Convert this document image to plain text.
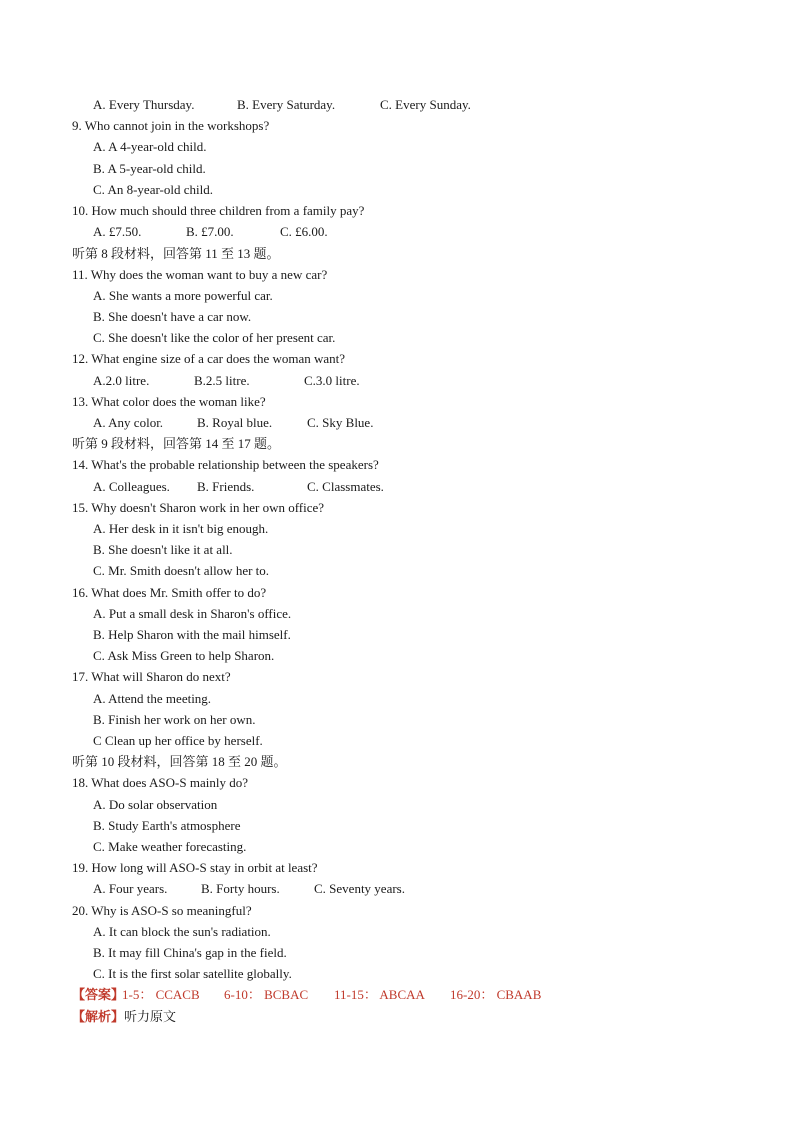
A. Every Thursday.	B. Every Saturday.	C. Every Sunday.
9. Who cannot join in the workshops?
A. A 4-year-old child.
B. A 5-year-old child.
C. An 8-year-old child.
10. How much should three children from a family pay?
A. £7.50.	B. £7.00.	C. £6.00.
听第 8 段材料，回答第 11 至 13 题。
11. Why does the woman want to buy a new car?
A. She wants a more powerful car.
B. She doesn't have a car now.
C. She doesn't like the color of her present car.
12. What engine size of a car does the woman want?
A.2.0 litre.	B.2.5 litre.	C.3.0 litre.
13. What color does the woman like?
A. Any color.	B. Royal blue.	C. Sky Blue.
听第 9 段材料，回答第 14 至 17 题。
14. What's the probable relationship between the speakers?
A. Colleagues. B. Friends.	C. Classmates.
15. Why doesn't Sharon work in her own office?
A. Her desk in it isn't big enough.
B. She doesn't like it at all.
C. Mr. Smith doesn't allow her to.
16. What does Mr. Smith offer to do?
A. Put a small desk in Sharon's office.
B. Help Sharon with the mail himself.
C. Ask Miss Green to help Sharon.
17. What will Sharon do next?
A. Attend the meeting.
B. Finish her work on her own.
C Clean up her office by herself.
听第 10 段材料，回答第 18 至 20 题。
18. What does ASO-S mainly do?
A. Do solar observation
B. Study Earth's atmosphere
C. Make weather forecasting.
19. How long will ASO-S stay in orbit at least?
A. Four years.	B. Forty hours.	C. Seventy years.
20. Why is ASO-S so meaningful?
A. It can block the sun's radiation.
B. It may fill China's gap in the field.
C. It is the first solar satellite globally.
【答案】
1-5： CCACB 6-10： BCBAC 11-15： ABCAA 16-20： CBAAB
【解析】听力原文
